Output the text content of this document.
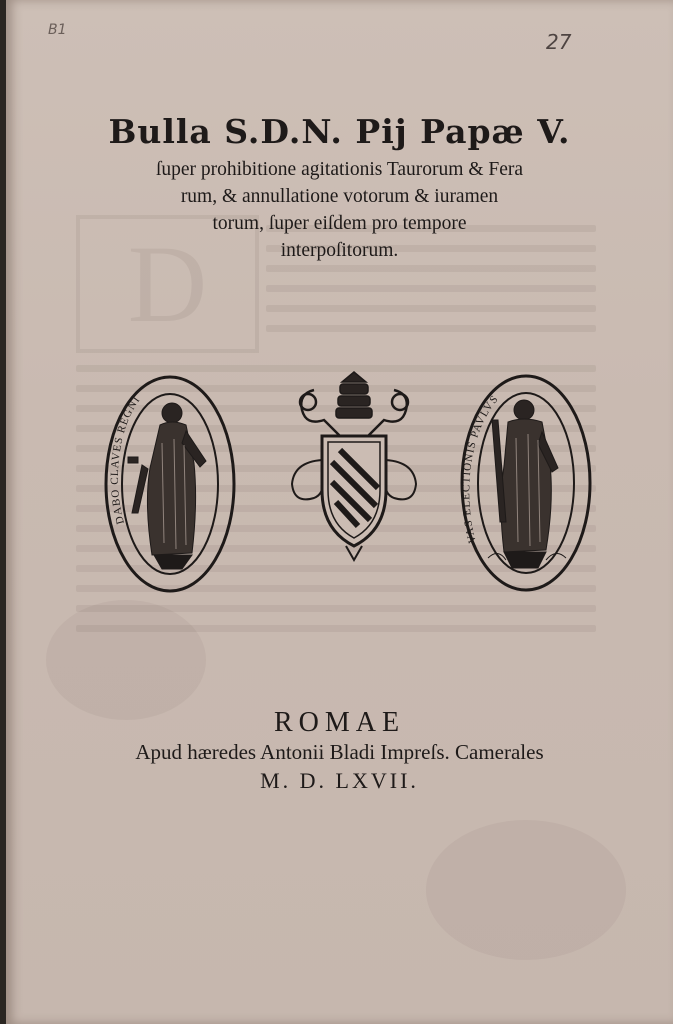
D
B1	27
Bulla S.D.N. Pij Papæ V.
ſuper prohibitione agitationis Taurorum & Fera
rum, & annullatione votorum & iuramen
torum, ſuper eiſdem pro tempore
interpoſitorum.
DABO CLAVES REGNI
VAS ELECTIONIS PAVLVS
ROMAE
Apud hæredes Antonii Bladi Impreſs. Camerales
M. D. LXVII.
